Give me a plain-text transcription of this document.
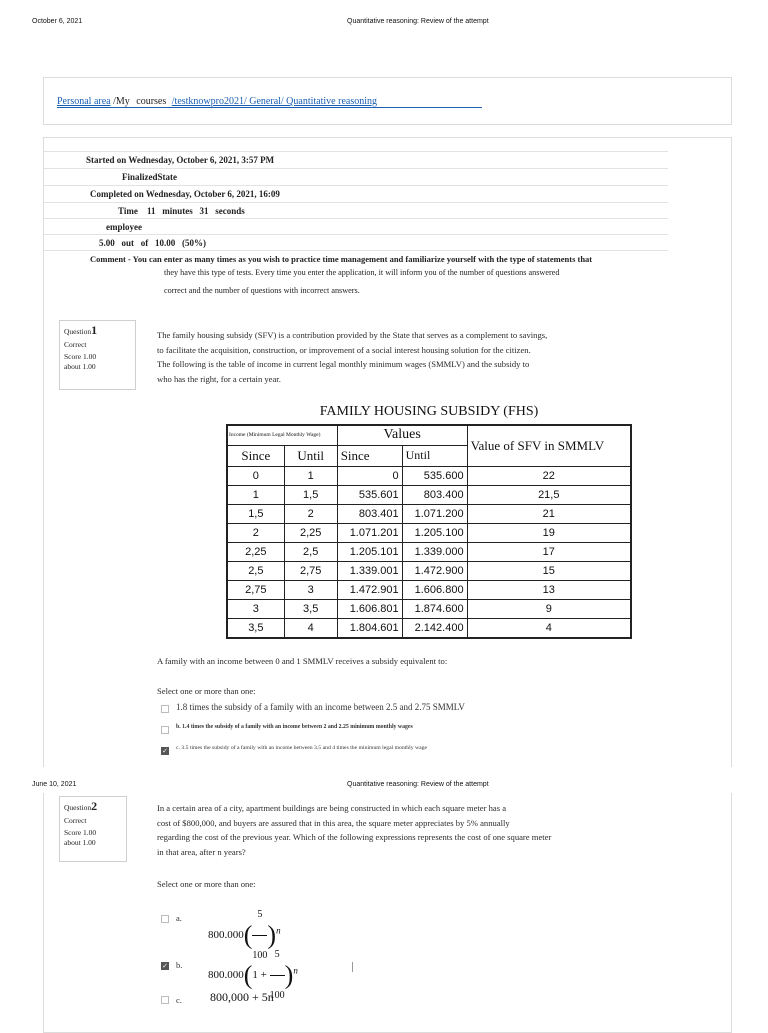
October 6, 2021	Quantitative reasoning: Review of the attempt
Personal area /My courses /testknowpro2021/ General/ Quantitative reasoning
Started on Wednesday, October 6, 2021, 3:57 PM
FinalizedState
Completed on Wednesday, October 6, 2021, 16:09
Time 11   minutes   31   seconds
employee
5.00   out   of   10.00   (50%)
Comment - You can enter as many times as you wish to practice time management and familiarize yourself with the type of statements that
they have this type of tests. Every time you enter the application, it will inform you of the number of questions answered
correct and the number of questions with incorrect answers.
Question1
Correct
Score 1.00
about 1.00
The family housing subsidy (SFV) is a contribution provided by the State that serves as a complement to savings,
to facilitate the acquisition, construction, or improvement of a social interest housing solution for the citizen.
The following is the table of income in current legal monthly minimum wages (SMMLV) and the subsidy to
who has the right, for a certain year.
FAMILY HOUSING SUBSIDY (FHS)
Income (Minimum Legal Monthly Wage)		Values		Value of SFV in SMMLV
Since	Until	Since	Until	
0	1	0	535.600	22
1	1,5	535.601	803.400	21,5
1,5	2	803.401	1.071.200	21
2	2,25	1.071.201	1.205.100	19
2,25	2,5	1.205.101	1.339.000	17
2,5	2,75	1.339.001	1.472.900	15
2,75	3	1.472.901	1.606.800	13
3	3,5	1.606.801	1.874.600	9
3,5	4	1.804.601	2.142.400	4
A family with an income between 0 and 1 SMMLV receives a subsidy equivalent to:
Select one or more than one:
1.8 times the subsidy of a family with an income between 2.5 and 2.75 SMMLV
b. 1.4 times the subsidy of a family with an income between 2 and 2.25 minimum monthly wages
✓ c. 3.5 times the subsidy of a family with an income between 3.5 and 4 times the minimum legal monthly wage
June 10, 2021	Quantitative reasoning: Review of the attempt
Question2
Correct
Score 1.00
about 1.00
In a certain area of a city, apartment buildings are being constructed in which each square meter has a
cost of $800,000, and buyers are assured that in this area, the square meter appreciates by 5% annually
regarding the cost of the previous year. Which of the following expressions represents the cost of one square meter
in that area, after n years?
Select one or more than one:
a.
$800.000( \frac{5}{100} )^n$
✓ b.
$800.000(1 + \frac{5}{100} )^n$
c. 800,000 + 5n
